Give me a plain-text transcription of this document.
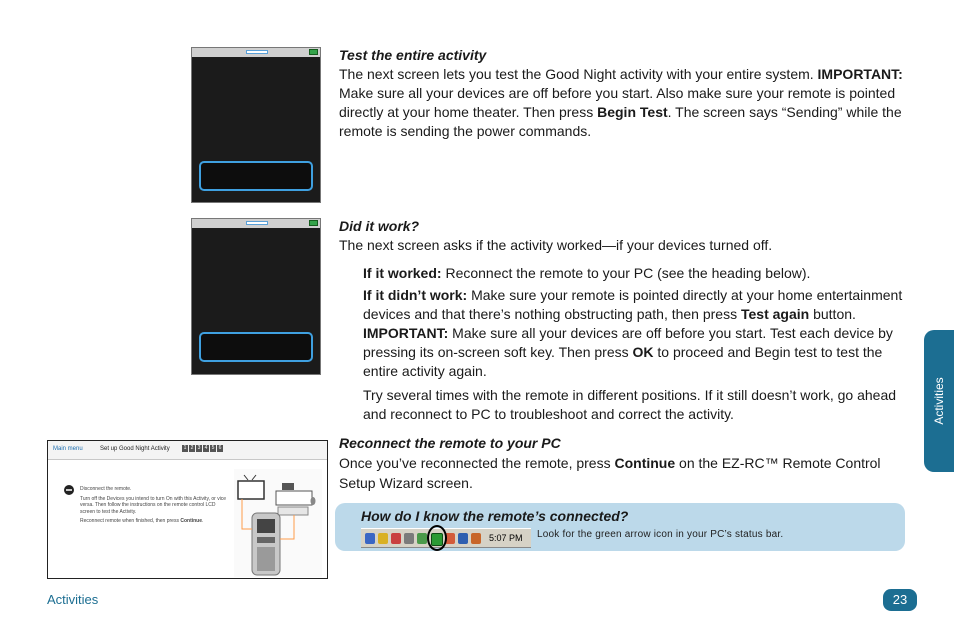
Test the entire activity

The next screen lets you test the Good Night activity with your entire system. IMPORTANT: Make sure all your devices are off before you start. Also make sure your remote is pointed directly at your home theater. Then press Begin Test. The screen says “Sending” while the remote is sending the power commands.

Did it work?

The next screen asks if the activity worked—if your devices turned off.

If it worked: Reconnect the remote to your PC (see the heading below).
If it didn’t work: Make sure your remote is pointed directly at your home entertainment devices and that there’s nothing obstructing path, then press Test again button. IMPORTANT: Make sure all your devices are off before you start. Test each device by pressing its on-screen soft key. Then press OK to proceed and Begin test to test the entire activity again.
Try several times with the remote in different positions. If it still doesn’t work, go ahead and reconnect to PC to troubleshoot and correct the activity.
Reconnect the remote to your PC

Once you’ve reconnected the remote, press Continue on the EZ-RC™ Remote Control Setup Wizard screen.

Main menu	Set up Good Night Activity	1 2 3 4 5 6

Disconnect the remote.

Turn off the Devices you intend to turn On with this Activity, or vice versa. Then follow the instructions on the remote control LCD screen to test the Activity.

Reconnect remote when finished, then press Continue.	How do I know the remote’s connected?
5:07 PM Look for the green arrow icon in your PC’s status bar.
Activities
Activities	23
